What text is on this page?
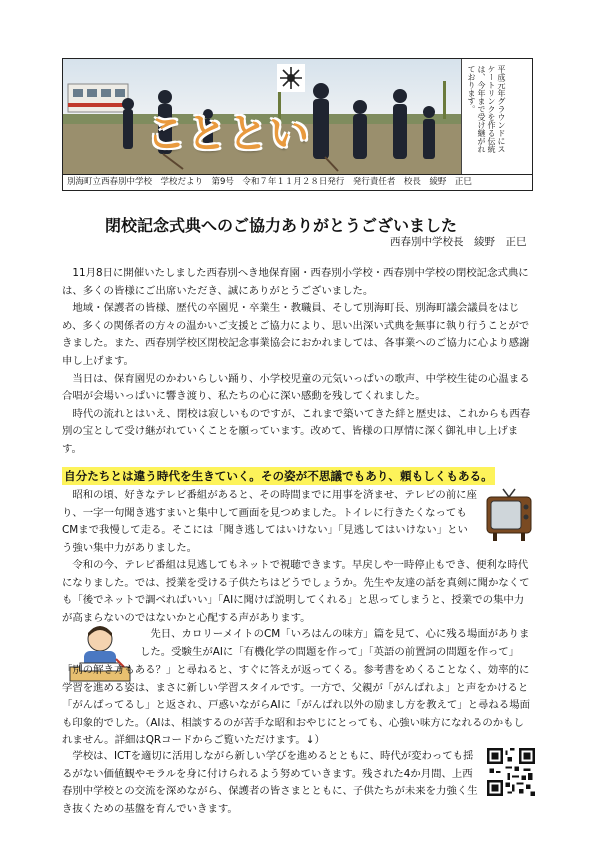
平成元年グラウンドにスケートリンクを作る伝統は、今年まで受け継がれております。
こととい
別海町立西春別中学校　学校だより　第9号　令和７年１１月２８日発行　発行責任者　校長　綾野　正巳
閉校記念式典へのご協力ありがとうございました
西春別中学校長　綾野　正巳

　11月8日に開催いたしました西春別へき地保育園・西春別小学校・西春別中学校の閉校記念式典には、多くの皆様にご出席いただき、誠にありがとうございました。
　地域・保護者の皆様、歴代の卒園児・卒業生・教職員、そして別海町長、別海町議会議員をはじめ、多くの関係者の方々の温かいご支援とご協力により、思い出深い式典を無事に執り行うことができました。また、西春別学校区閉校記念事業協会におかれましては、各事業へのご協力に心より感謝申し上げます。
　当日は、保育園児のかわいらしい踊り、小学校児童の元気いっぱいの歌声、中学校生徒の心温まる合唱が会場いっぱいに響き渡り、私たちの心に深い感動を残してくれました。
　時代の流れとはいえ、閉校は寂しいものですが、これまで築いてきた絆と歴史は、これからも西春別の宝として受け継がれていくことを願っています。改めて、皆様の口厚情に深く御礼申し上げます。

自分たちとは違う時代を生きていく。その姿が不思議でもあり、頼もしくもある。

　昭和の頃、好きなテレビ番組があると、その時間までに用事を済ませ、テレビの前に座り、一字一句聞き逃すまいと集中して画面を見つめました。トイレに行きたくなってもCMまで我慢して走る。そこには「聞き逃してはいけない」「見逃してはいけない」という強い集中力がありました。

　令和の今、テレビ番組は見逃してもネットで視聴できます。早戻しや一時停止もでき、便利な時代になりました。では、授業を受ける子供たちはどうでしょうか。先生や友達の話を真剣に聞かなくても「後でネットで調べればいい」「AIに聞けば説明してくれる」と思ってしまうと、授業での集中力が高まらないのではないかと心配する声があります。

　先日、カロリーメイトのCM「いろはんの味方」篇を見て、心に残る場面がありました。受験生がAIに「有機化学の問題を作って」「英語の前置詞の問題を作って」

「別の解き方もある？」と尋ねると、すぐに答えが返ってくる。参考書をめくることなく、効率的に学習を進める姿は、まさに新しい学習スタイルです。一方で、父親が「がんばれよ」と声をかけると「がんばってるし」と返され、戸惑いながらAIに「がんばれ以外の励まし方を教えて」と尋ねる場面も印象的でした。（AIは、相談するのが苦手な昭和おやじにとっても、心強い味方になれるのかもしれません。詳細はQRコードからご覧いただけます。↓）

　学校は、ICTを適切に活用しながら新しい学びを進めるとともに、時代が変わっても揺るがない価値観やモラルを身に付けられるよう努めていきます。残された4か月間、上西春別中学校との交流を深めながら、保護者の皆さまとともに、子供たちが未来を力強く生き抜くための基盤を育んでいきます。
